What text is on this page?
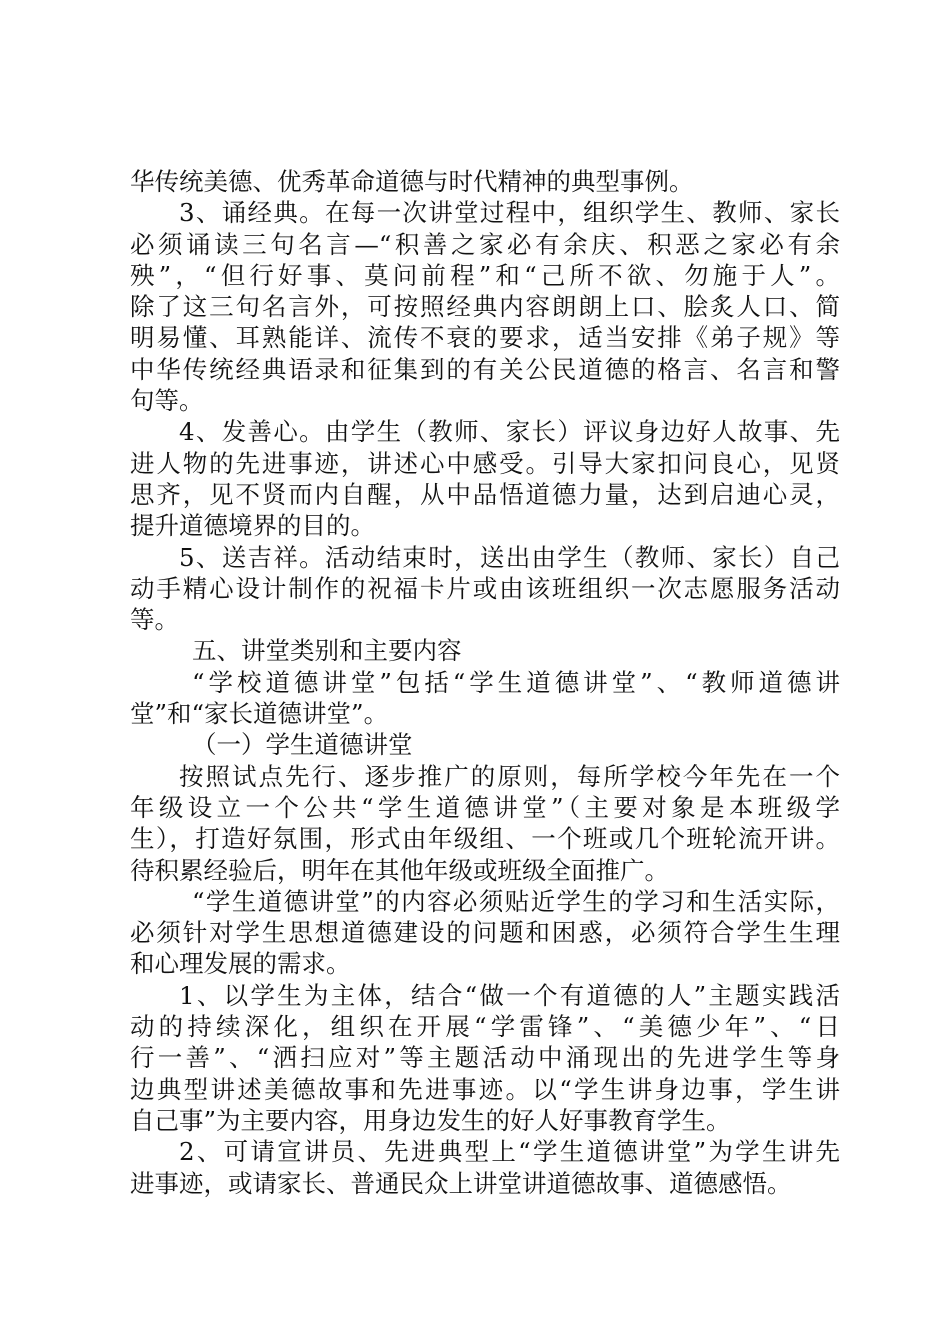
华传统美德、优秀革命道德与时代精神的典型事例。
3、诵经典。在每一次讲堂过程中，组织学生、教师、家长
必须诵读三句名言—“积善之家必有余庆、积恶之家必有余
殃”，“但行好事、莫问前程”和“己所不欲、勿施于人”。
除了这三句名言外，可按照经典内容朗朗上口、脍炙人口、简
明易懂、耳熟能详、流传不衰的要求，适当安排《弟子规》等
中华传统经典语录和征集到的有关公民道德的格言、名言和警
句等。
4、发善心。由学生（教师、家长）评议身边好人故事、先
进人物的先进事迹，讲述心中感受。引导大家扣问良心，见贤
思齐，见不贤而内自醒，从中品悟道德力量，达到启迪心灵，
提升道德境界的目的。
5、送吉祥。活动结束时，送出由学生（教师、家长）自己
动手精心设计制作的祝福卡片或由该班组织一次志愿服务活动
等。
五、讲堂类别和主要内容
“学校道德讲堂”包括“学生道德讲堂”、“教师道德讲
堂”和“家长道德讲堂”。
（一）学生道德讲堂
按照试点先行、逐步推广的原则，每所学校今年先在一个
年级设立一个公共“学生道德讲堂”（主要对象是本班级学
生），打造好氛围，形式由年级组、一个班或几个班轮流开讲。
待积累经验后，明年在其他年级或班级全面推广。
“学生道德讲堂”的内容必须贴近学生的学习和生活实际，
必须针对学生思想道德建设的问题和困惑，必须符合学生生理
和心理发展的需求。
1、以学生为主体，结合“做一个有道德的人”主题实践活
动的持续深化，组织在开展“学雷锋”、“美德少年”、“日
行一善”、“洒扫应对”等主题活动中涌现出的先进学生等身
边典型讲述美德故事和先进事迹。以“学生讲身边事，学生讲
自己事”为主要内容，用身边发生的好人好事教育学生。
2、可请宣讲员、先进典型上“学生道德讲堂”为学生讲先
进事迹，或请家长、普通民众上讲堂讲道德故事、道德感悟。
